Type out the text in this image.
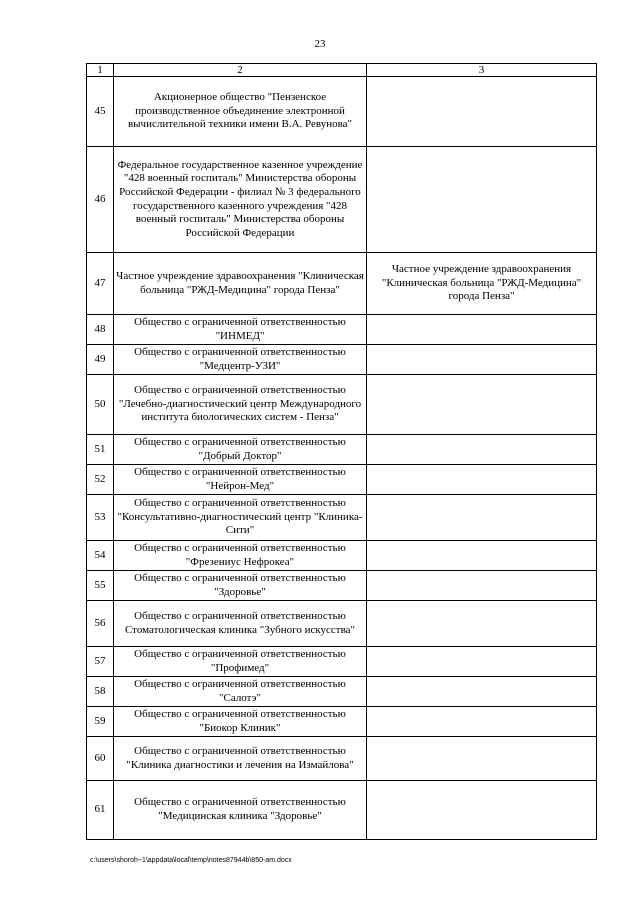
23
1	2	3
45	Акционерное общество "Пензенское производственное объединение электронной вычислительной техники имени В.А. Ревунова"	
46	Федеральное государственное казенное учреждение "428 военный госпиталь" Министерства обороны Российской Федерации - филиал № 3 федерального государственного казенного учреждения "428 военный госпиталь" Министерства обороны Российской Федерации	
47	Частное учреждение здравоохранения "Клиническая больница "РЖД-Медицина" города Пенза"	Частное учреждение здравоохранения "Клиническая больница "РЖД-Медицина" города Пенза"
48	Общество с ограниченной ответственностью "ИНМЕД"	
49	Общество с ограниченной ответственностью "Медцентр-УЗИ"	
50	Общество с ограниченной ответственностью "Лечебно-диагностический центр Международного института биологических систем - Пенза"	
51	Общество с ограниченной ответственностью "Добрый Доктор"	
52	Общество с ограниченной ответственностью "Нейрон-Мед"	
53	Общество с ограниченной ответственностью "Консультативно-диагностический центр "Клиника-Сити"	
54	Общество с ограниченной ответственностью "Фрезениус Нефрокеа"	
55	Общество с ограниченной ответственностью "Здоровье"	
56	Общество с ограниченной ответственностью Стоматологическая клиника "Зубного искусства"	
57	Общество с ограниченной ответственностью "Профимед"	
58	Общество с ограниченной ответственностью "Салотэ"	
59	Общество с ограниченной ответственностью "Биокор Клиник"	
60	Общество с ограниченной ответственностью "Клиника диагностики и лечения на Измайлова"	
61	Общество с ограниченной ответственностью "Медицинская клиника "Здоровье"	
c:\users\shoroh~1\appdata\local\temp\notes87944b\850-am.docx
